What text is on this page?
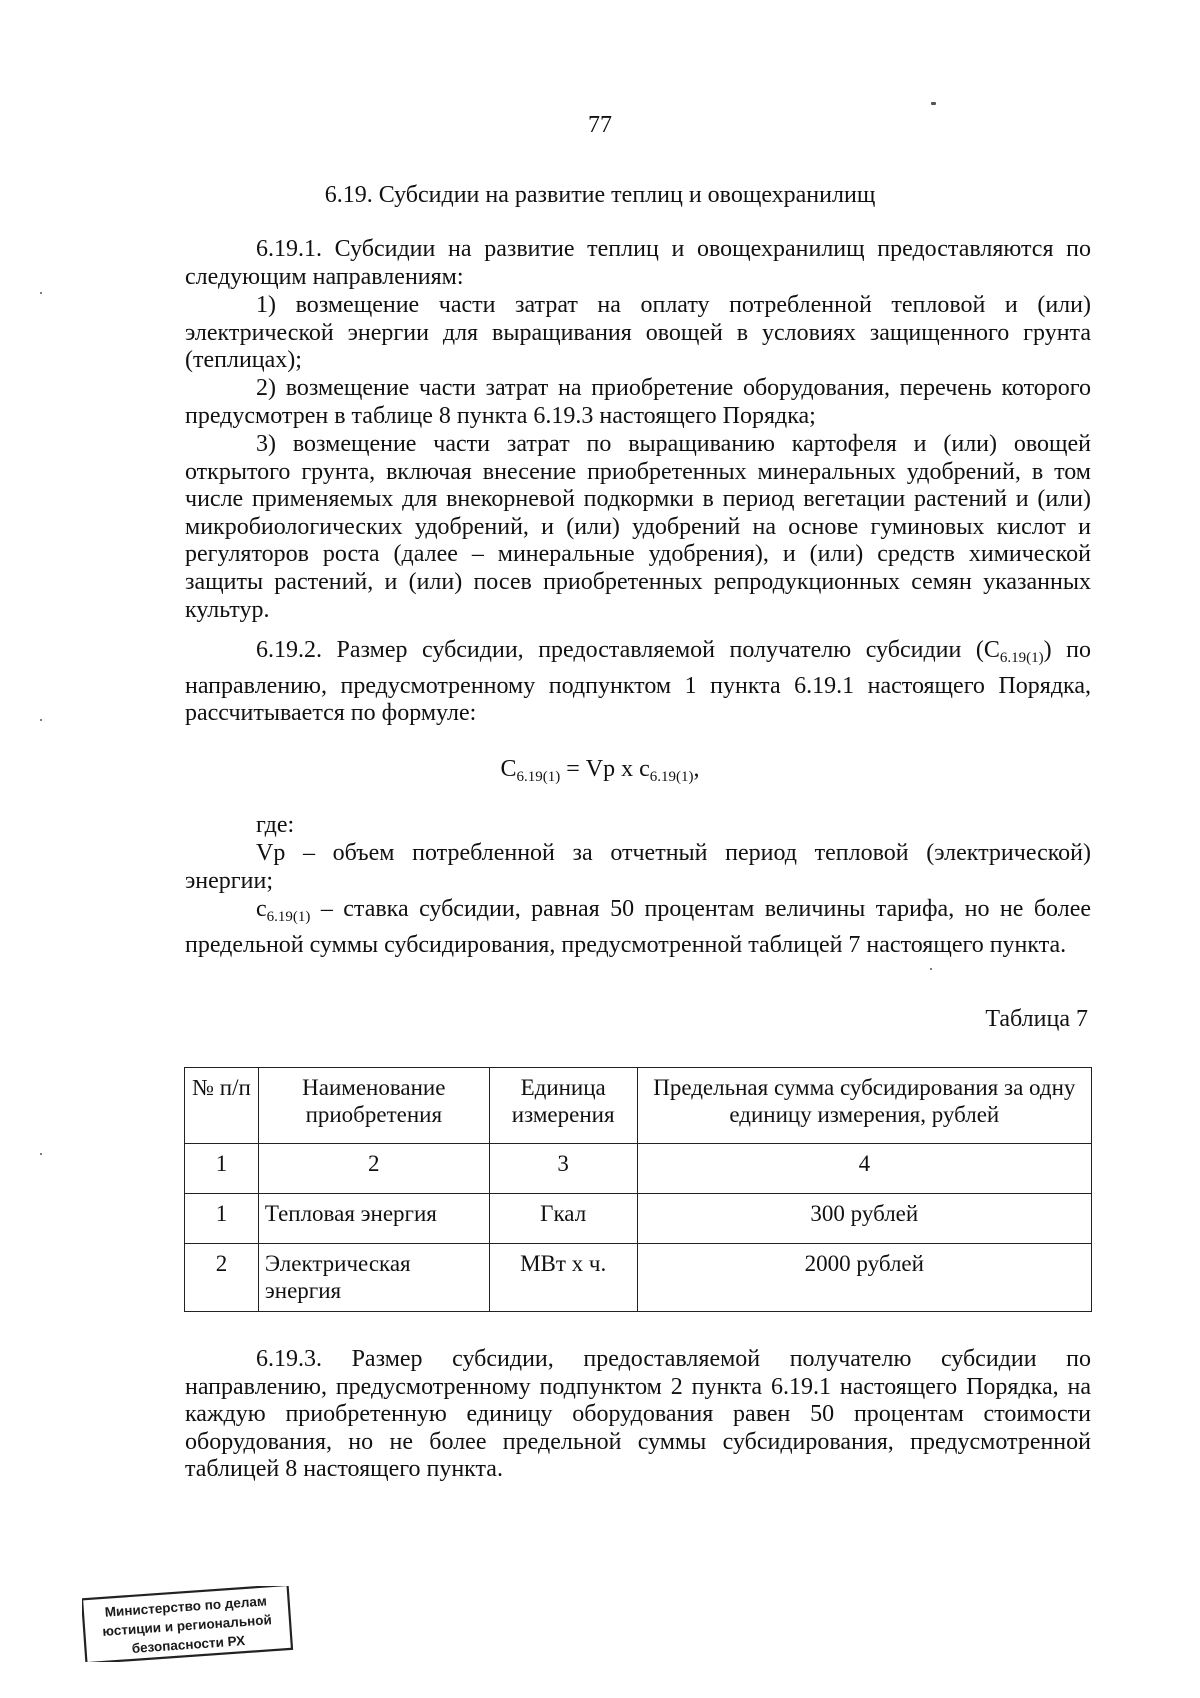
77
6.19. Субсидии на развитие теплиц и овощехранилищ
6.19.1. Субсидии на развитие теплиц и овощехранилищ предоставляются по следующим направлениям:
1) возмещение части затрат на оплату потребленной тепловой и (или) электрической энергии для выращивания овощей в условиях защищенного грунта (теплицах);
2) возмещение части затрат на приобретение оборудования, перечень которого предусмотрен в таблице 8 пункта 6.19.3 настоящего Порядка;
3) возмещение части затрат по выращиванию картофеля и (или) овощей открытого грунта, включая внесение приобретенных минеральных удобрений, в том числе применяемых для внекорневой подкормки в период вегетации растений и (или) микробиологических удобрений, и (или) удобрений на основе гуминовых кислот и регуляторов роста (далее – минеральные удобрения), и (или) средств химической защиты растений, и (или) посев приобретенных репродукционных семян указанных культур.
6.19.2. Размер субсидии, предоставляемой получателю субсидии $(С_{6.19(1)})$ по направлению, предусмотренному подпунктом 1 пункта 6.19.1 настоящего Порядка, рассчитывается по формуле:
$С_{6.19(1)}$ = Vр х $с_{6.19(1)}$,
где:
Vр – объем потребленной за отчетный период тепловой (электрической) энергии;
$с_{6.19(1)}$ – ставка субсидии, равная 50 процентам величины тарифа, но не более предельной суммы субсидирования, предусмотренной таблицей 7 настоящего пункта.
Таблица 7
№ п/п	Наименование приобретения	Единица измерения	Предельная сумма субсидирования за одну единицу измерения, рублей
1	2	3	4
1	Тепловая энергия	Гкал	300 рублей
2	Электрическая энергия	МВт х ч.	2000 рублей
6.19.3. Размер субсидии, предоставляемой получателю субсидии по направлению, предусмотренному подпунктом 2 пункта 6.19.1 настоящего Порядка, на каждую приобретенную единицу оборудования равен 50 процентам стоимости оборудования, но не более предельной суммы субсидирования, предусмотренной таблицей 8 настоящего пункта.
Министерство по делам
юстиции и региональной
безопасности РХ
